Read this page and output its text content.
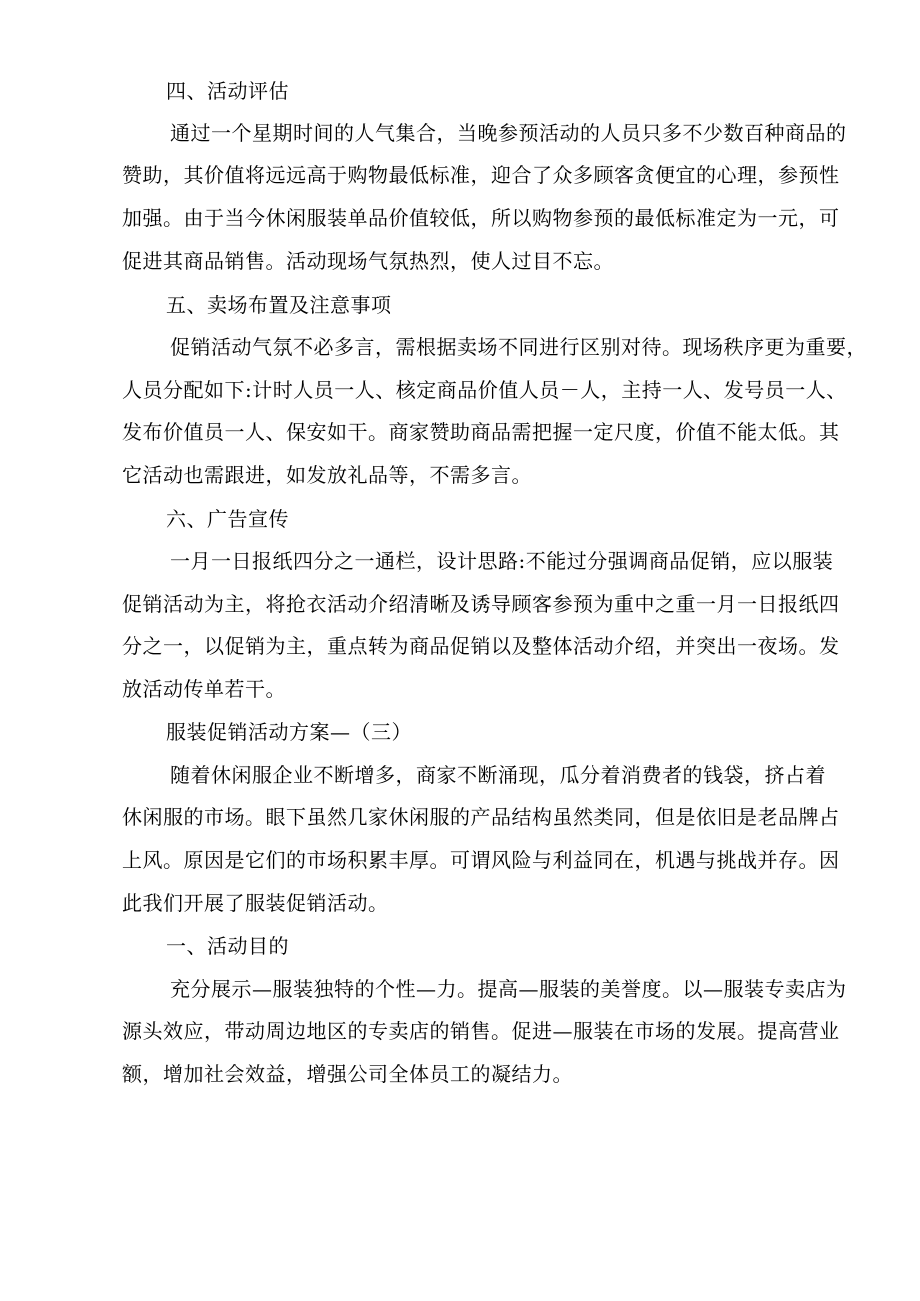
四、活动评估
通过一个星期时间的人气集合，当晚参预活动的人员只多不少数百种商品的
赞助，其价值将远远高于购物最低标准，迎合了众多顾客贪便宜的心理，参预性
加强。由于当今休闲服装单品价值较低，所以购物参预的最低标准定为一元，可
促进其商品销售。活动现场气氛热烈，使人过目不忘。
五、卖场布置及注意事项
促销活动气氛不必多言，需根据卖场不同进行区别对待。现场秩序更为重要，
人员分配如下:计时人员一人、核定商品价值人员－人，主持一人、发号员一人、
发布价值员一人、保安如干。商家赞助商品需把握一定尺度，价值不能太低。其
它活动也需跟进，如发放礼品等，不需多言。
六、广告宣传
一月一日报纸四分之一通栏，设计思路:不能过分强调商品促销，应以服装
促销活动为主，将抢衣活动介绍清晰及诱导顾客参预为重中之重一月一日报纸四
分之一，以促销为主，重点转为商品促销以及整体活动介绍，并突出一夜场。发
放活动传单若干。
服装促销活动方案—（三）
随着休闲服企业不断增多，商家不断涌现，瓜分着消费者的钱袋，挤占着
休闲服的市场。眼下虽然几家休闲服的产品结构虽然类同，但是依旧是老品牌占
上风。原因是它们的市场积累丰厚。可谓风险与利益同在，机遇与挑战并存。因
此我们开展了服装促销活动。
一、活动目的
充分展示—服装独特的个性—力。提高—服装的美誉度。以—服装专卖店为
源头效应，带动周边地区的专卖店的销售。促进—服装在市场的发展。提高营业
额，增加社会效益，增强公司全体员工的凝结力。
